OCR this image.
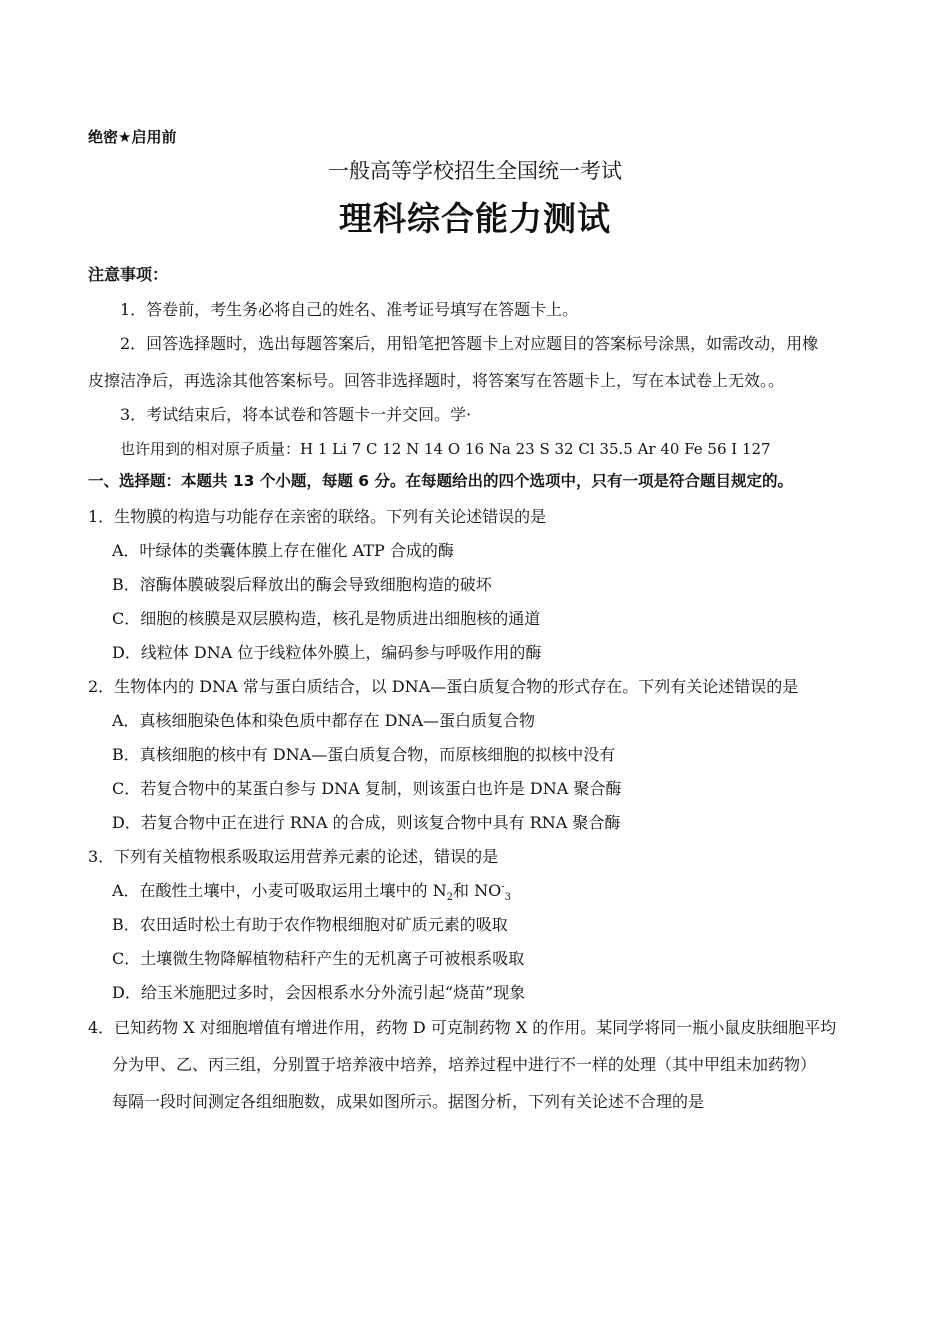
绝密★启用前
一般高等学校招生全国统一考试
理科综合能力测试
注意事项：
1．答卷前，考生务必将自己的姓名、准考证号填写在答题卡上。
2．回答选择题时，选出每题答案后，用铅笔把答题卡上对应题目的答案标号涂黑，如需改动，用橡
皮擦洁净后，再选涂其他答案标号。回答非选择题时，将答案写在答题卡上，写在本试卷上无效。。
3．考试结束后，将本试卷和答题卡一并交回。学·
也许用到的相对原子质量：H 1 Li 7 C 12 N 14 O 16 Na 23 S 32 Cl 35.5 Ar 40 Fe 56 I 127
一、选择题：本题共 13 个小题，每题 6 分。在每题给出的四个选项中，只有一项是符合题目规定的。
1．生物膜的构造与功能存在亲密的联络。下列有关论述错误的是
A．叶绿体的类囊体膜上存在催化 ATP 合成的酶
B．溶酶体膜破裂后释放出的酶会导致细胞构造的破坏
C．细胞的核膜是双层膜构造，核孔是物质进出细胞核的通道
D．线粒体 DNA 位于线粒体外膜上，编码参与呼吸作用的酶
2．生物体内的 DNA 常与蛋白质结合，以 DNA—蛋白质复合物的形式存在。下列有关论述错误的是
A．真核细胞染色体和染色质中都存在 DNA—蛋白质复合物
B．真核细胞的核中有 DNA—蛋白质复合物，而原核细胞的拟核中没有
C．若复合物中的某蛋白参与 DNA 复制，则该蛋白也许是 DNA 聚合酶
D．若复合物中正在进行 RNA 的合成，则该复合物中具有 RNA 聚合酶
3．下列有关植物根系吸取运用营养元素的论述，错误的是
A．在酸性土壤中，小麦可吸取运用土壤中的 $N_2$和 $NO^-_3$
B．农田适时松土有助于农作物根细胞对矿质元素的吸取
C．土壤微生物降解植物秸秆产生的无机离子可被根系吸取
D．给玉米施肥过多时，会因根系水分外流引起“烧苗”现象
4．已知药物 X 对细胞增值有增进作用，药物 D 可克制药物 X 的作用。某同学将同一瓶小鼠皮肤细胞平均
分为甲、乙、丙三组，分别置于培养液中培养，培养过程中进行不一样的处理（其中甲组未加药物）
每隔一段时间测定各组细胞数，成果如图所示。据图分析，下列有关论述不合理的是
